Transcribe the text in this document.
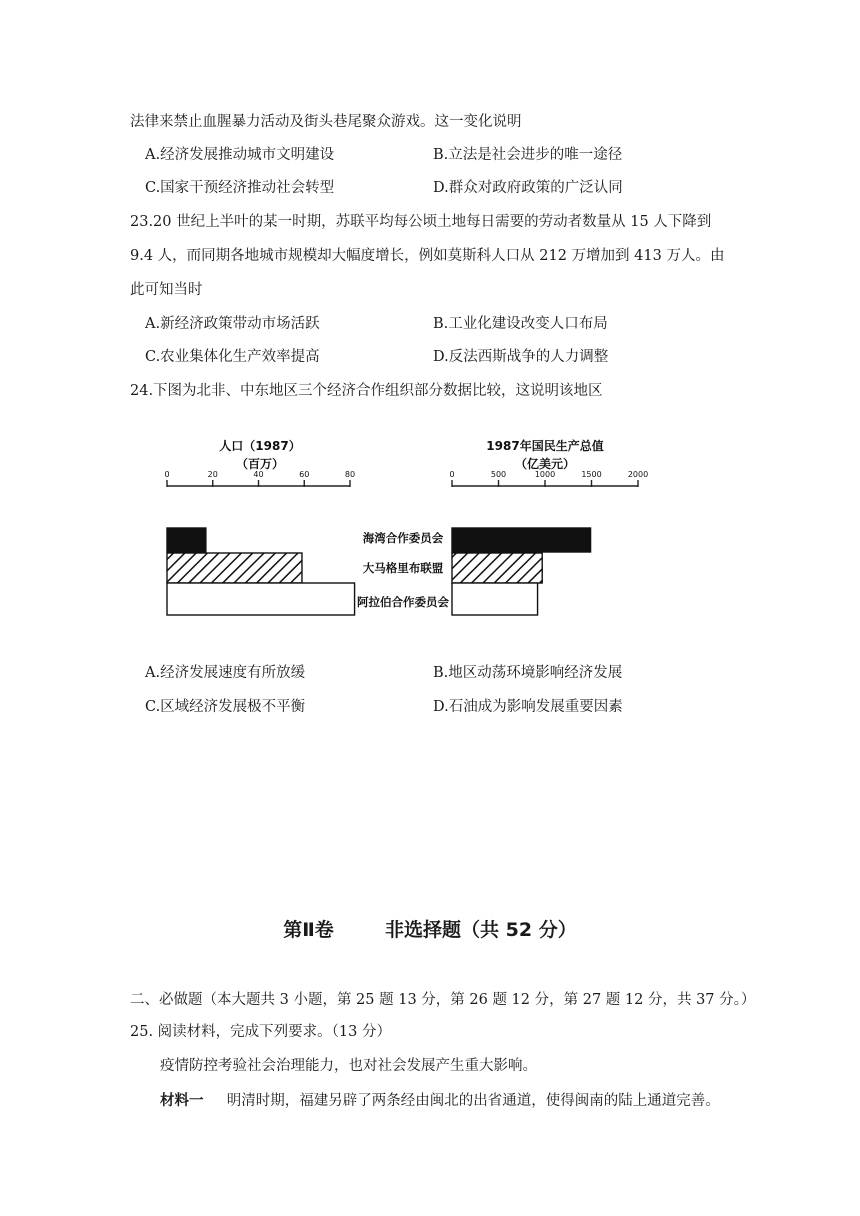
法律来禁止血腥暴力活动及街头巷尾聚众游戏。这一变化说明
A.经济发展推动城市文明建设	B.立法是社会进步的唯一途径
C.国家干预经济推动社会转型	D.群众对政府政策的广泛认同
23.20 世纪上半叶的某一时期，苏联平均每公顷土地每日需要的劳动者数量从 15 人下降到
9.4 人，而同期各地城市规模却大幅度增长，例如莫斯科人口从 212 万增加到 413 万人。由
此可知当时
A.新经济政策带动市场活跃	B.工业化建设改变人口布局
C.农业集体化生产效率提高	D.反法西斯战争的人力调整
24.下图为北非、中东地区三个经济合作组织部分数据比较，这说明该地区
人口（1987）
（百万）
0	20	40	60	80
1987年国民生产总值
（亿美元）
0	500	1000	1500	2000
海湾合作委员会
大马格里布联盟
阿拉伯合作委员会
A.经济发展速度有所放缓	B.地区动荡环境影响经济发展
C.区域经济发展极不平衡	D.石油成为影响发展重要因素
第Ⅱ卷	非选择题（共 52 分）
二、必做题（本大题共 3 小题，第 25 题 13 分，第 26 题 12 分，第 27 题 12 分，共 37 分。）
25. 阅读材料，完成下列要求。（13 分）
疫情防控考验社会治理能力，也对社会发展产生重大影响。
材料一 明清时期，福建另辟了两条经由闽北的出省通道，使得闽南的陆上通道完善。
